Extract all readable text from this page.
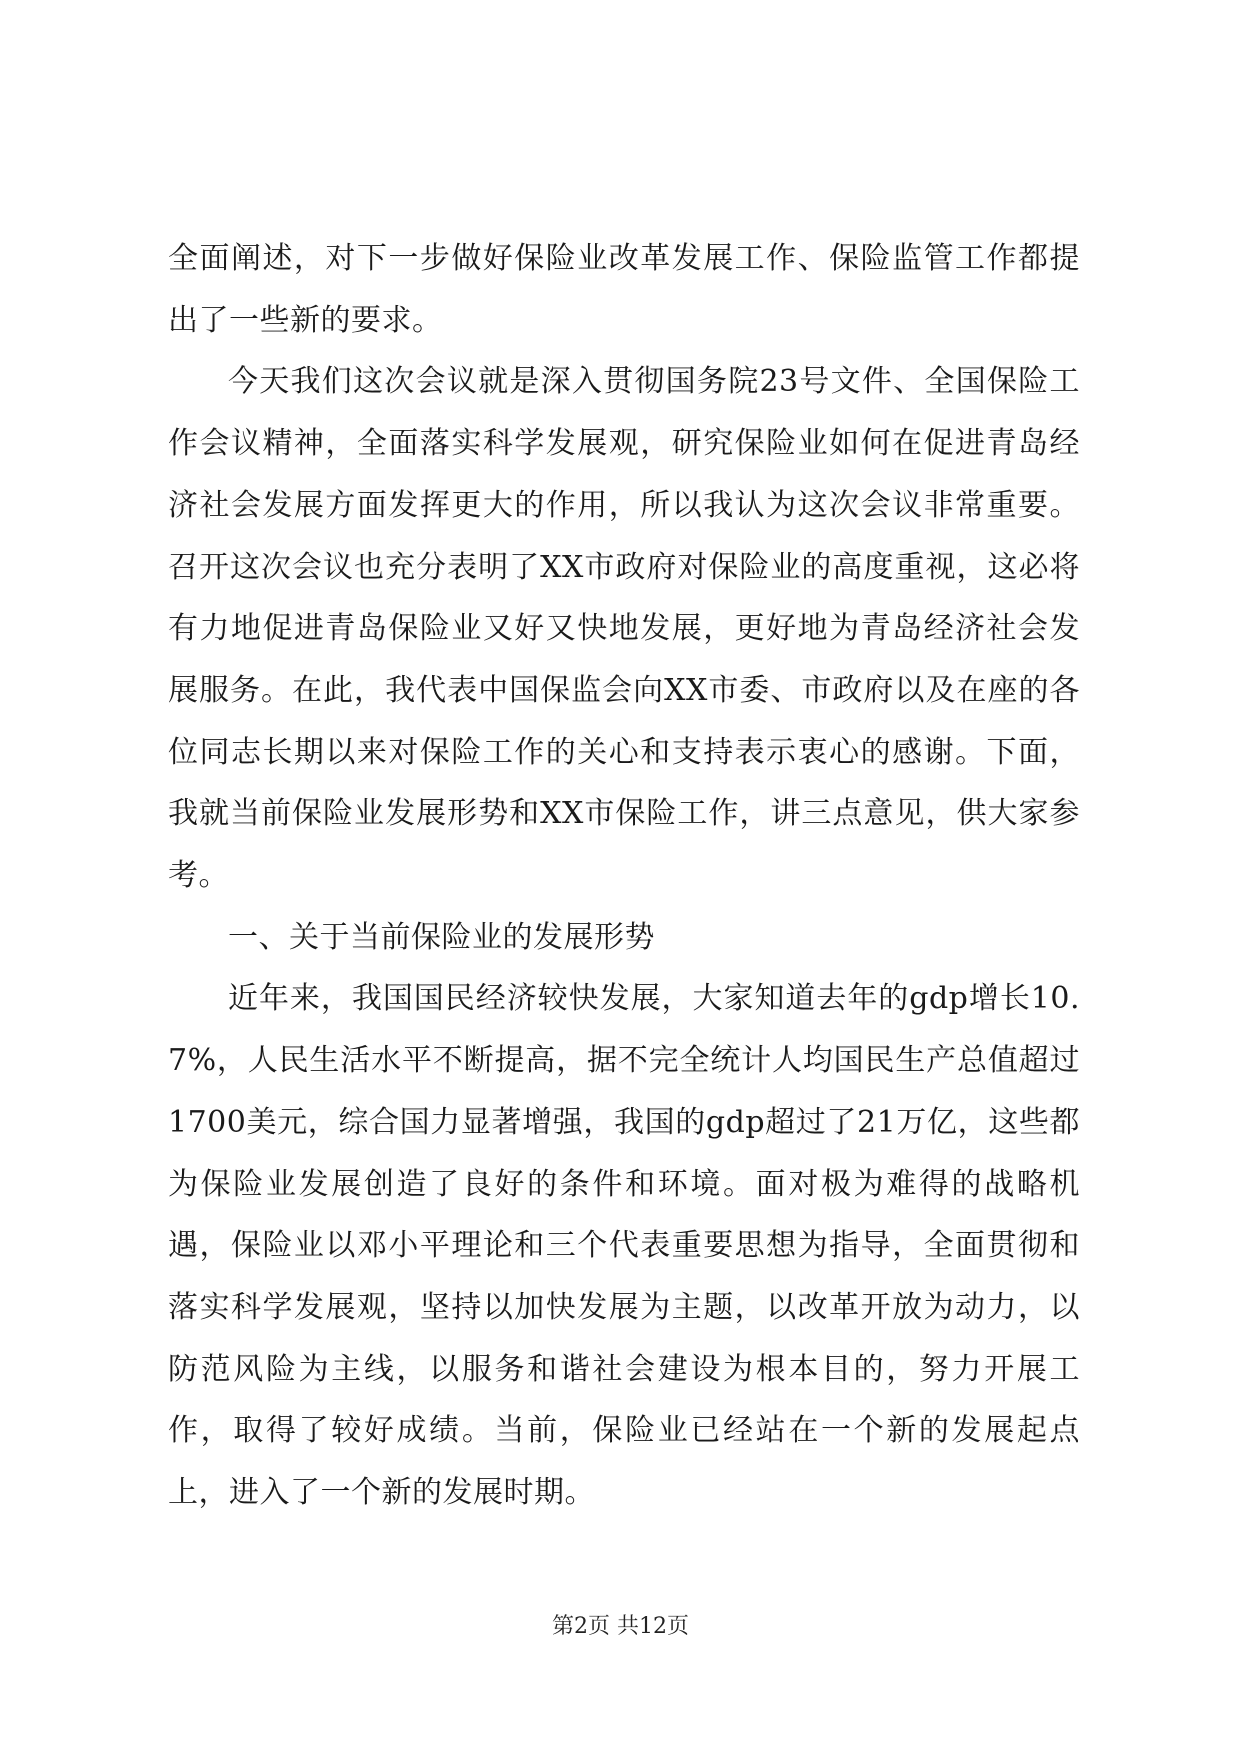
全面阐述，对下一步做好保险业改革发展工作、保险监管工作都提出了一些新的要求。

今天我们这次会议就是深入贯彻国务院23号文件、全国保险工作会议精神，全面落实科学发展观，研究保险业如何在促进青岛经济社会发展方面发挥更大的作用，所以我认为这次会议非常重要。召开这次会议也充分表明了XX市政府对保险业的高度重视，这必将有力地促进青岛保险业又好又快地发展，更好地为青岛经济社会发展服务。在此，我代表中国保监会向XX市委、市政府以及在座的各位同志长期以来对保险工作的关心和支持表示衷心的感谢。下面，我就当前保险业发展形势和XX市保险工作，讲三点意见，供大家参考。

一、关于当前保险业的发展形势

近年来，我国国民经济较快发展，大家知道去年的gdp增长10.7%，人民生活水平不断提高，据不完全统计人均国民生产总值超过1700美元，综合国力显著增强，我国的gdp超过了21万亿，这些都为保险业发展创造了良好的条件和环境。面对极为难得的战略机遇，保险业以邓小平理论和三个代表重要思想为指导，全面贯彻和落实科学发展观，坚持以加快发展为主题，以改革开放为动力，以防范风险为主线，以服务和谐社会建设为根本目的，努力开展工作，取得了较好成绩。当前，保险业已经站在一个新的发展起点上，进入了一个新的发展时期。

第2页 共12页
